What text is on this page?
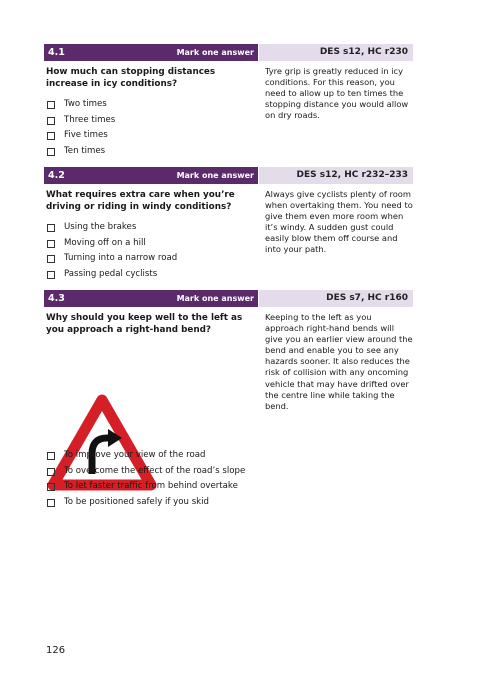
4.1	Mark one answer	DES s12, HC r230
How much can stopping distances increase in icy conditions?
Two times
Three times
Five times
Ten times
Tyre grip is greatly reduced in icy conditions. For this reason, you need to allow up to ten times the stopping distance you would allow on dry roads.
4.2	Mark one answer	DES s12, HC r232–233
What requires extra care when you’re driving or riding in windy conditions?
Using the brakes
Moving off on a hill
Turning into a narrow road
Passing pedal cyclists
Always give cyclists plenty of room when overtaking them. You need to give them even more room when it’s windy. A sudden gust could easily blow them off course and into your path.
4.3	Mark one answer	DES s7, HC r160
Why should you keep well to the left as you approach a right-hand bend?
To improve your view of the road
To overcome the effect of the road’s slope
To let faster traffic from behind overtake
To be positioned safely if you skid
Keeping to the left as you approach right-hand bends will give you an earlier view around the bend and enable you to see any hazards sooner. It also reduces the risk of collision with any oncoming vehicle that may have drifted over the centre line while taking the bend.
126
